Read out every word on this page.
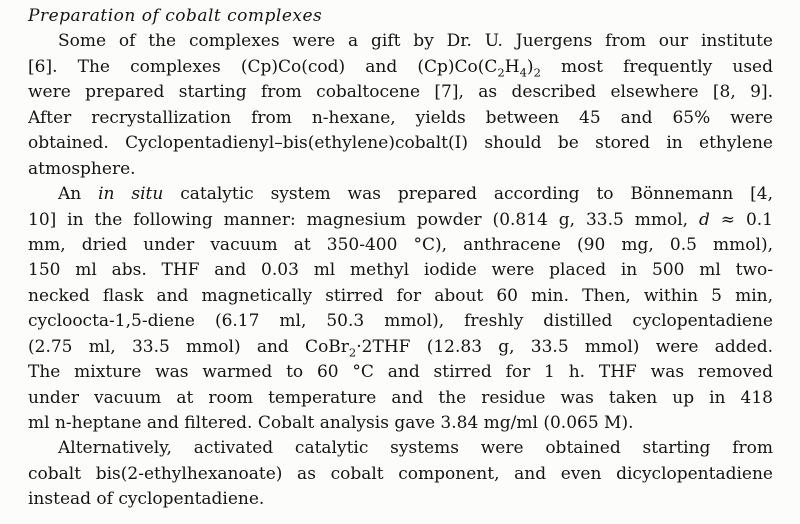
Preparation of cobalt complexes
Some of the complexes were a gift by Dr. U. Juergens from our institute
[6]. The complexes (Cp)Co(cod) and $(Cp)Co(C_2H_4)_2$ most frequently used
were prepared starting from cobaltocene [7], as described elsewhere [8, 9].
After recrystallization from n-hexane, yields between 45 and 65% were
obtained. Cyclopentadienyl–bis(ethylene)cobalt(I) should be stored in ethylene
atmosphere.
An in situ catalytic system was prepared according to Bönnemann [4,
10] in the following manner: magnesium powder (0.814 g, 33.5 mmol, d ≈ 0.1
mm, dried under vacuum at 350-400 °C), anthracene (90 mg, 0.5 mmol),
150 ml abs. THF and 0.03 ml methyl iodide were placed in 500 ml two-
necked flask and magnetically stirred for about 60 min. Then, within 5 min,
cycloocta-1,5-diene (6.17 ml, 50.3 mmol), freshly distilled cyclopentadiene
(2.75 ml, 33.5 mmol) and CoBr$_2$·2THF (12.83 g, 33.5 mmol) were added.
The mixture was warmed to 60 °C and stirred for 1 h. THF was removed
under vacuum at room temperature and the residue was taken up in 418
ml n-heptane and filtered. Cobalt analysis gave 3.84 mg/ml (0.065 M).
Alternatively, activated catalytic systems were obtained starting from
cobalt bis(2-ethylhexanoate) as cobalt component, and even dicyclopentadiene
instead of cyclopentadiene.
